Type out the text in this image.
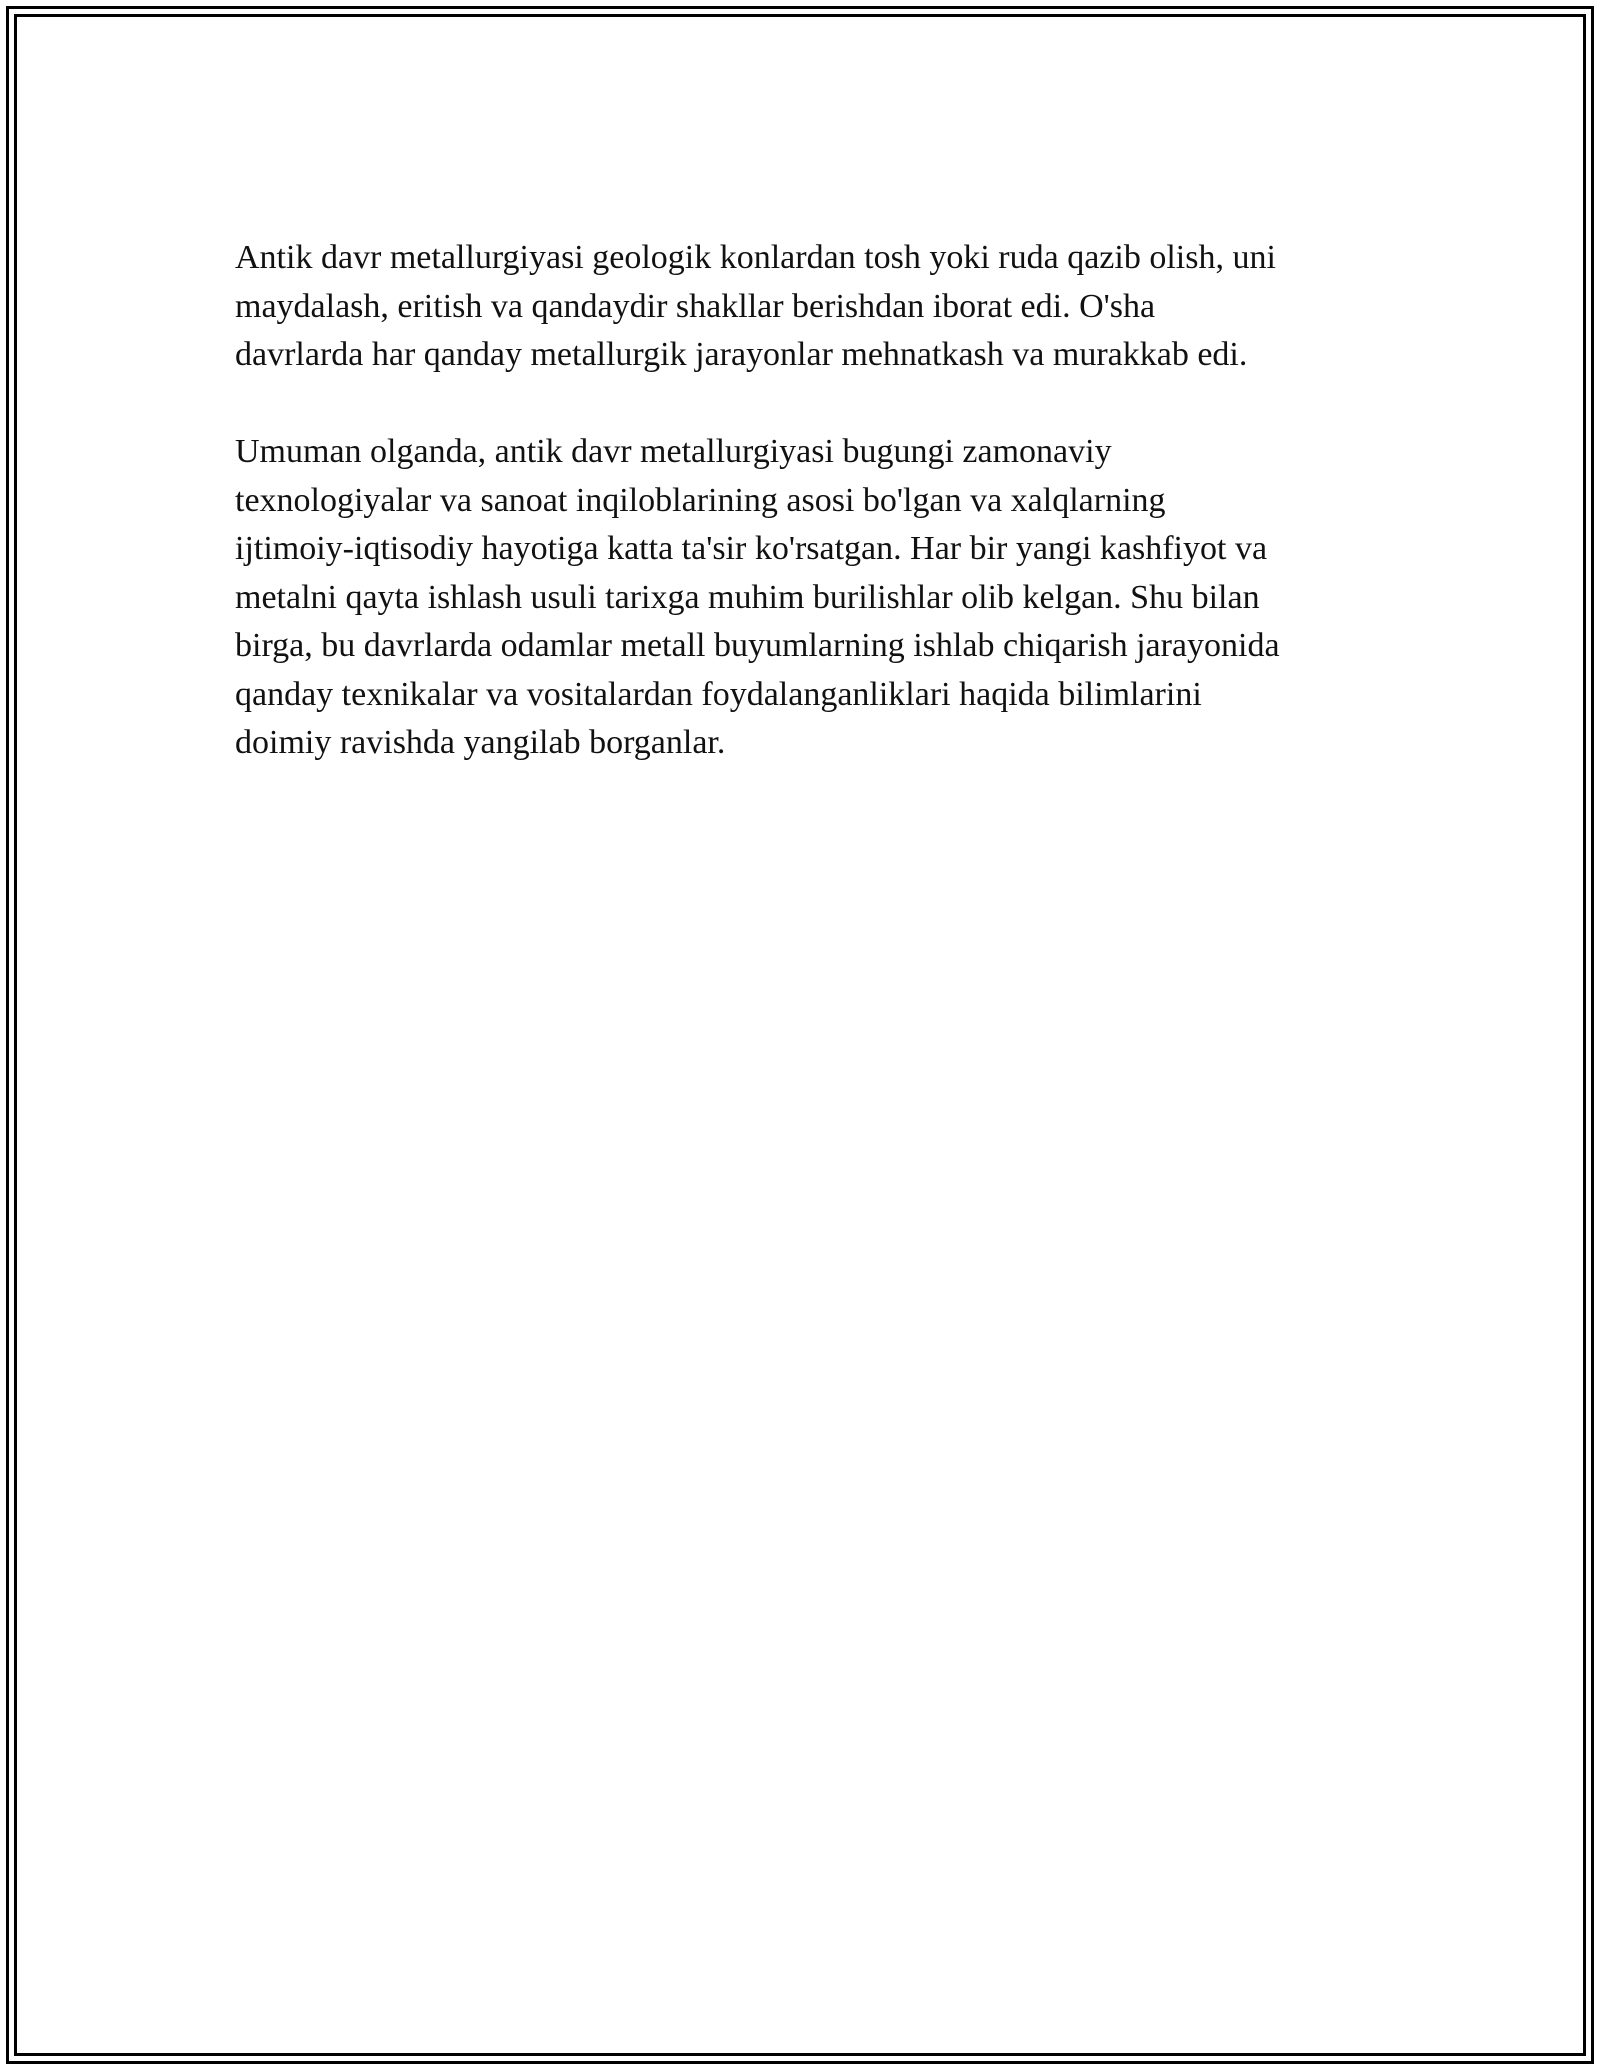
Antik davr metallurgiyasi geologik konlardan tosh yoki ruda qazib olish, uni
maydalash, eritish va qandaydir shakllar berishdan iborat edi. O'sha
davrlarda har qanday metallurgik jarayonlar mehnatkash va murakkab edi.
Umuman olganda, antik davr metallurgiyasi bugungi zamonaviy
texnologiyalar va sanoat inqiloblarining asosi bo'lgan va xalqlarning
ijtimoiy-iqtisodiy hayotiga katta ta'sir ko'rsatgan. Har bir yangi kashfiyot va
metalni qayta ishlash usuli tarixga muhim burilishlar olib kelgan. Shu bilan
birga, bu davrlarda odamlar metall buyumlarning ishlab chiqarish jarayonida
qanday texnikalar va vositalardan foydalanganliklari haqida bilimlarini
doimiy ravishda yangilab borganlar.
